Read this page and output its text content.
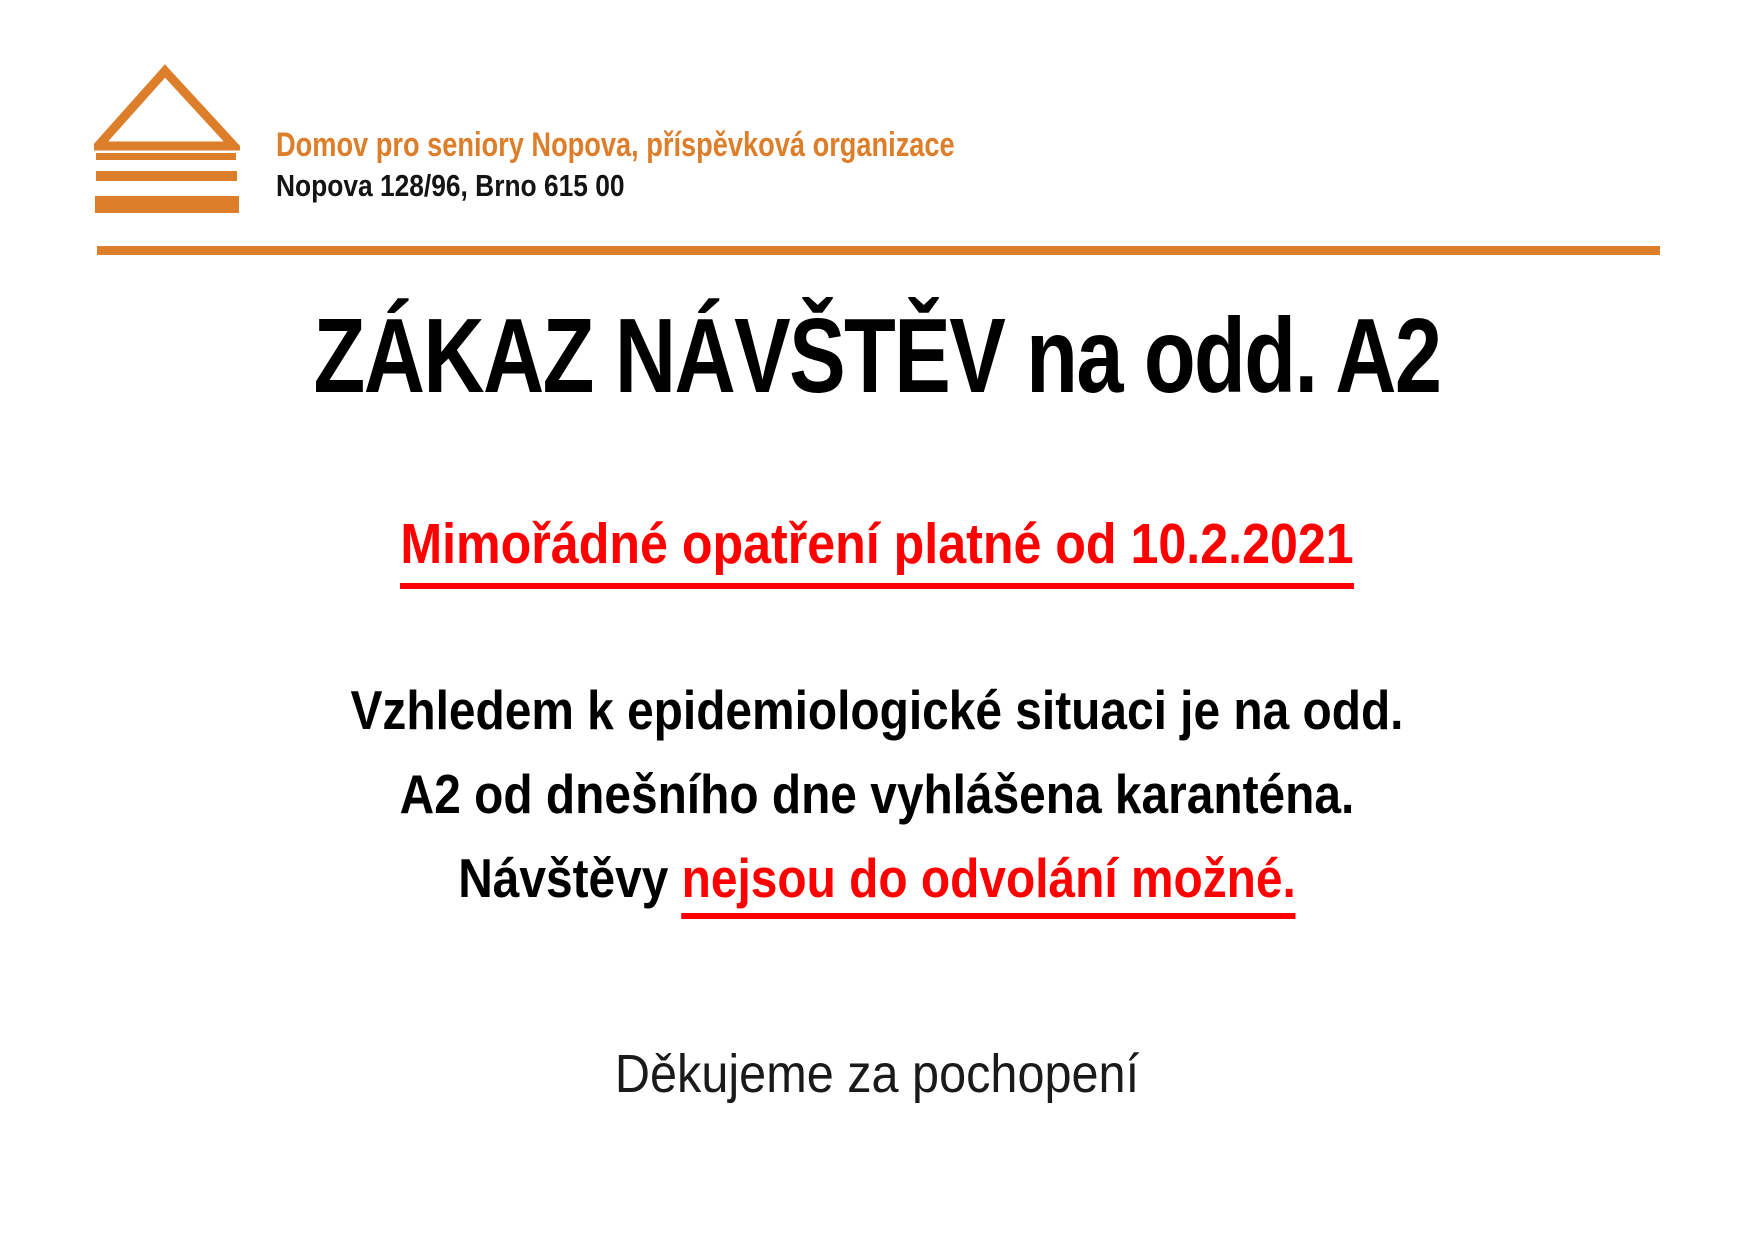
Domov pro seniory Nopova, příspěvková organizace
Nopova 128/96, Brno 615 00
ZÁKAZ NÁVŠTĚV na odd. A2
Mimořádné opatření platné od 10.2.2021
Vzhledem k epidemiologické situaci je na odd.
A2 od dnešního dne vyhlášena karanténa.
Návštěvy nejsou do odvolání možné.
Děkujeme za pochopení
